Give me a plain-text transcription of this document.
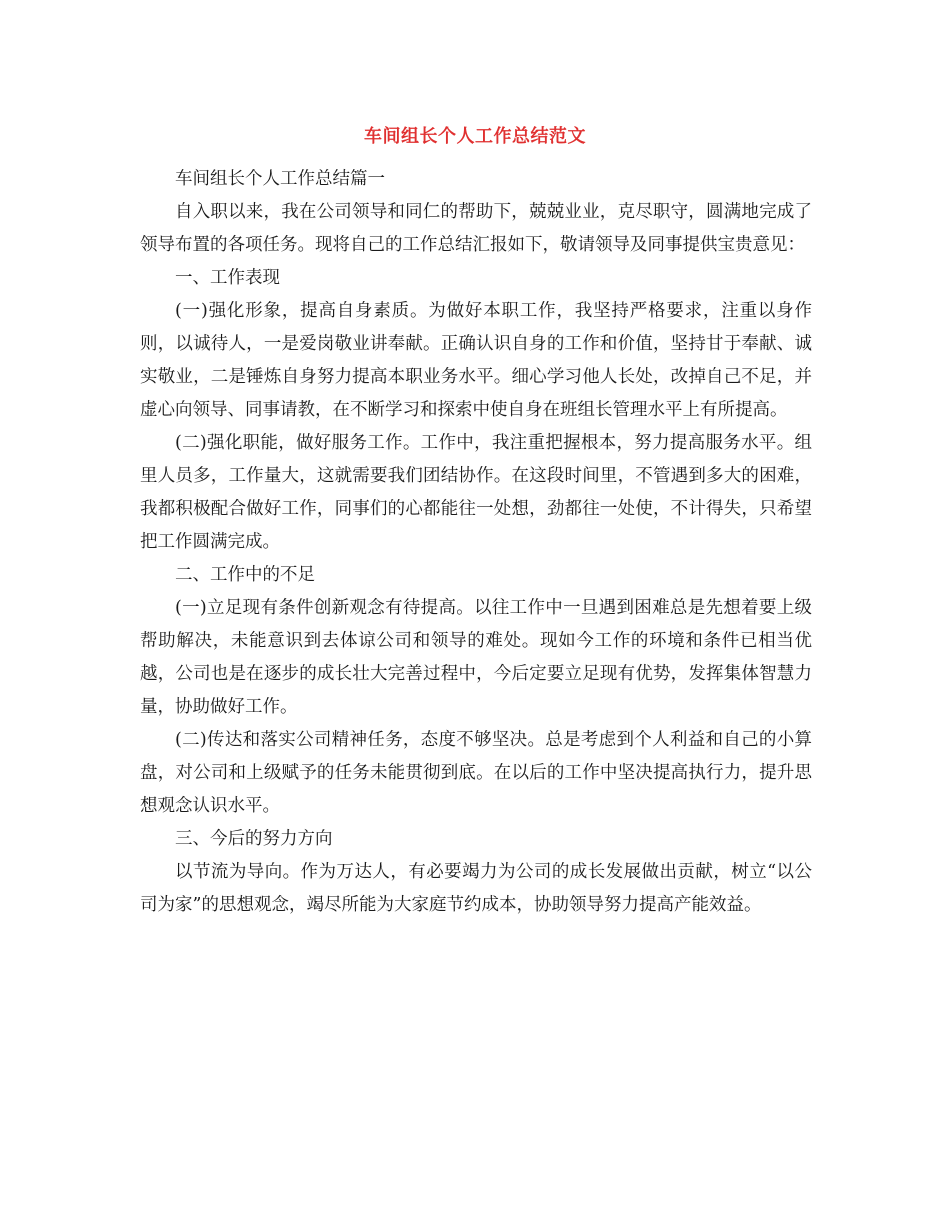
车间组长个人工作总结范文

车间组长个人工作总结篇一

自入职以来，我在公司领导和同仁的帮助下，兢兢业业，克尽职守，圆满地完成了领导布置的各项任务。现将自己的工作总结汇报如下，敬请领导及同事提供宝贵意见：

一、工作表现

(一)强化形象，提高自身素质。为做好本职工作，我坚持严格要求，注重以身作则，以诚待人，一是爱岗敬业讲奉献。正确认识自身的工作和价值，坚持甘于奉献、诚实敬业，二是锤炼自身努力提高本职业务水平。细心学习他人长处，改掉自己不足，并虚心向领导、同事请教，在不断学习和探索中使自身在班组长管理水平上有所提高。

(二)强化职能，做好服务工作。工作中，我注重把握根本，努力提高服务水平。组里人员多，工作量大，这就需要我们团结协作。在这段时间里，不管遇到多大的困难，我都积极配合做好工作，同事们的心都能往一处想，劲都往一处使，不计得失，只希望把工作圆满完成。

二、工作中的不足

(一)立足现有条件创新观念有待提高。以往工作中一旦遇到困难总是先想着要上级帮助解决，未能意识到去体谅公司和领导的难处。现如今工作的环境和条件已相当优越，公司也是在逐步的成长壮大完善过程中，今后定要立足现有优势，发挥集体智慧力量，协助做好工作。

(二)传达和落实公司精神任务，态度不够坚决。总是考虑到个人利益和自己的小算盘，对公司和上级赋予的任务未能贯彻到底。在以后的工作中坚决提高执行力，提升思想观念认识水平。

三、今后的努力方向

以节流为导向。作为万达人，有必要竭力为公司的成长发展做出贡献，树立“以公司为家”的思想观念，竭尽所能为大家庭节约成本，协助领导努力提高产能效益。
